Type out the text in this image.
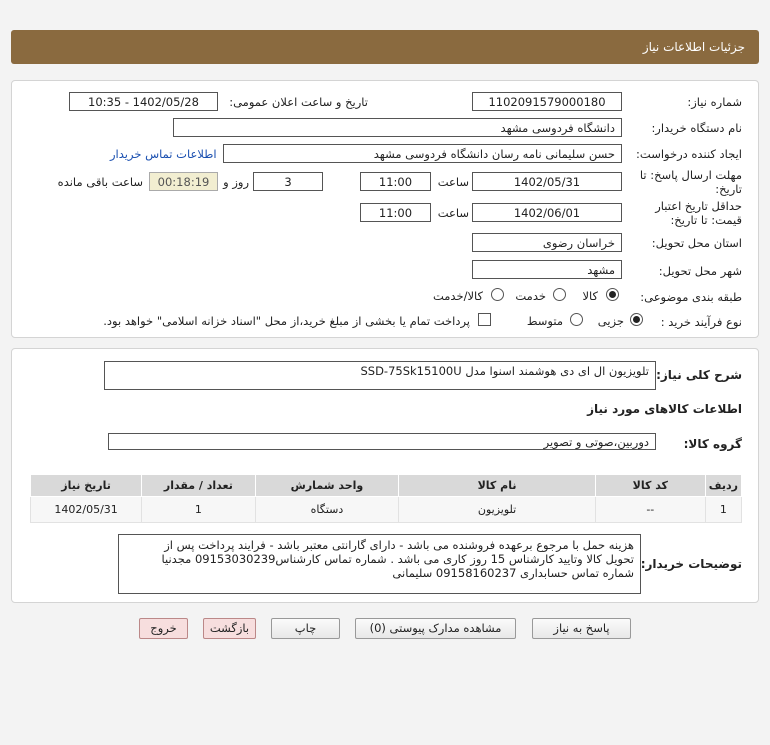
جزئیات اطلاعات نیاز
شماره نیاز:
1102091579000180
تاریخ و ساعت اعلان عمومی:
1402/05/28 - 10:35
نام دستگاه خریدار:
دانشگاه فردوسی مشهد
ایجاد کننده درخواست:
حسن سلیمانی نامه رسان دانشگاه فردوسی مشهد
اطلاعات تماس خریدار
مهلت ارسال پاسخ: تا
تاریخ:
1402/05/31
ساعت
11:00
3
روز و
00:18:19
ساعت باقی مانده
حداقل تاریخ اعتبار
قیمت: تا تاریخ:
1402/06/01
ساعت
11:00
استان محل تحویل:
خراسان رضوی
شهر محل تحویل:
مشهد
طبقه بندی موضوعی:
کالا
خدمت
کالا/خدمت
نوع فرآیند خرید :
جزیی
متوسط
پرداخت تمام یا بخشی از مبلغ خرید،از محل "اسناد خزانه اسلامی" خواهد بود.
شرح کلی نیاز:
تلویزیون ال ای دی هوشمند اسنوا مدل SSD-75Sk15100U
اطلاعات کالاهای مورد نیاز
گروه کالا:
دوربین،صوتی و تصویر
ردیف	کد کالا	نام کالا	واحد شمارش	تعداد / مقدار	تاریخ نیاز
1	--	تلویزیون	دستگاه	1	1402/05/31
توضیحات خریدار:
هزینه حمل با مرجوع برعهده فروشنده می باشد - دارای گارانتی معتبر باشد - فرایند پرداخت پس از
تحویل کالا وتایید کارشناس 15 روز کاری می باشد . شماره تماس کارشناس09153030239 مجدنیا
شماره تماس حسابداری 09158160237 سلیمانی
پاسخ به نیاز
مشاهده مدارک پیوستی (0)
چاپ
بازگشت
خروج
